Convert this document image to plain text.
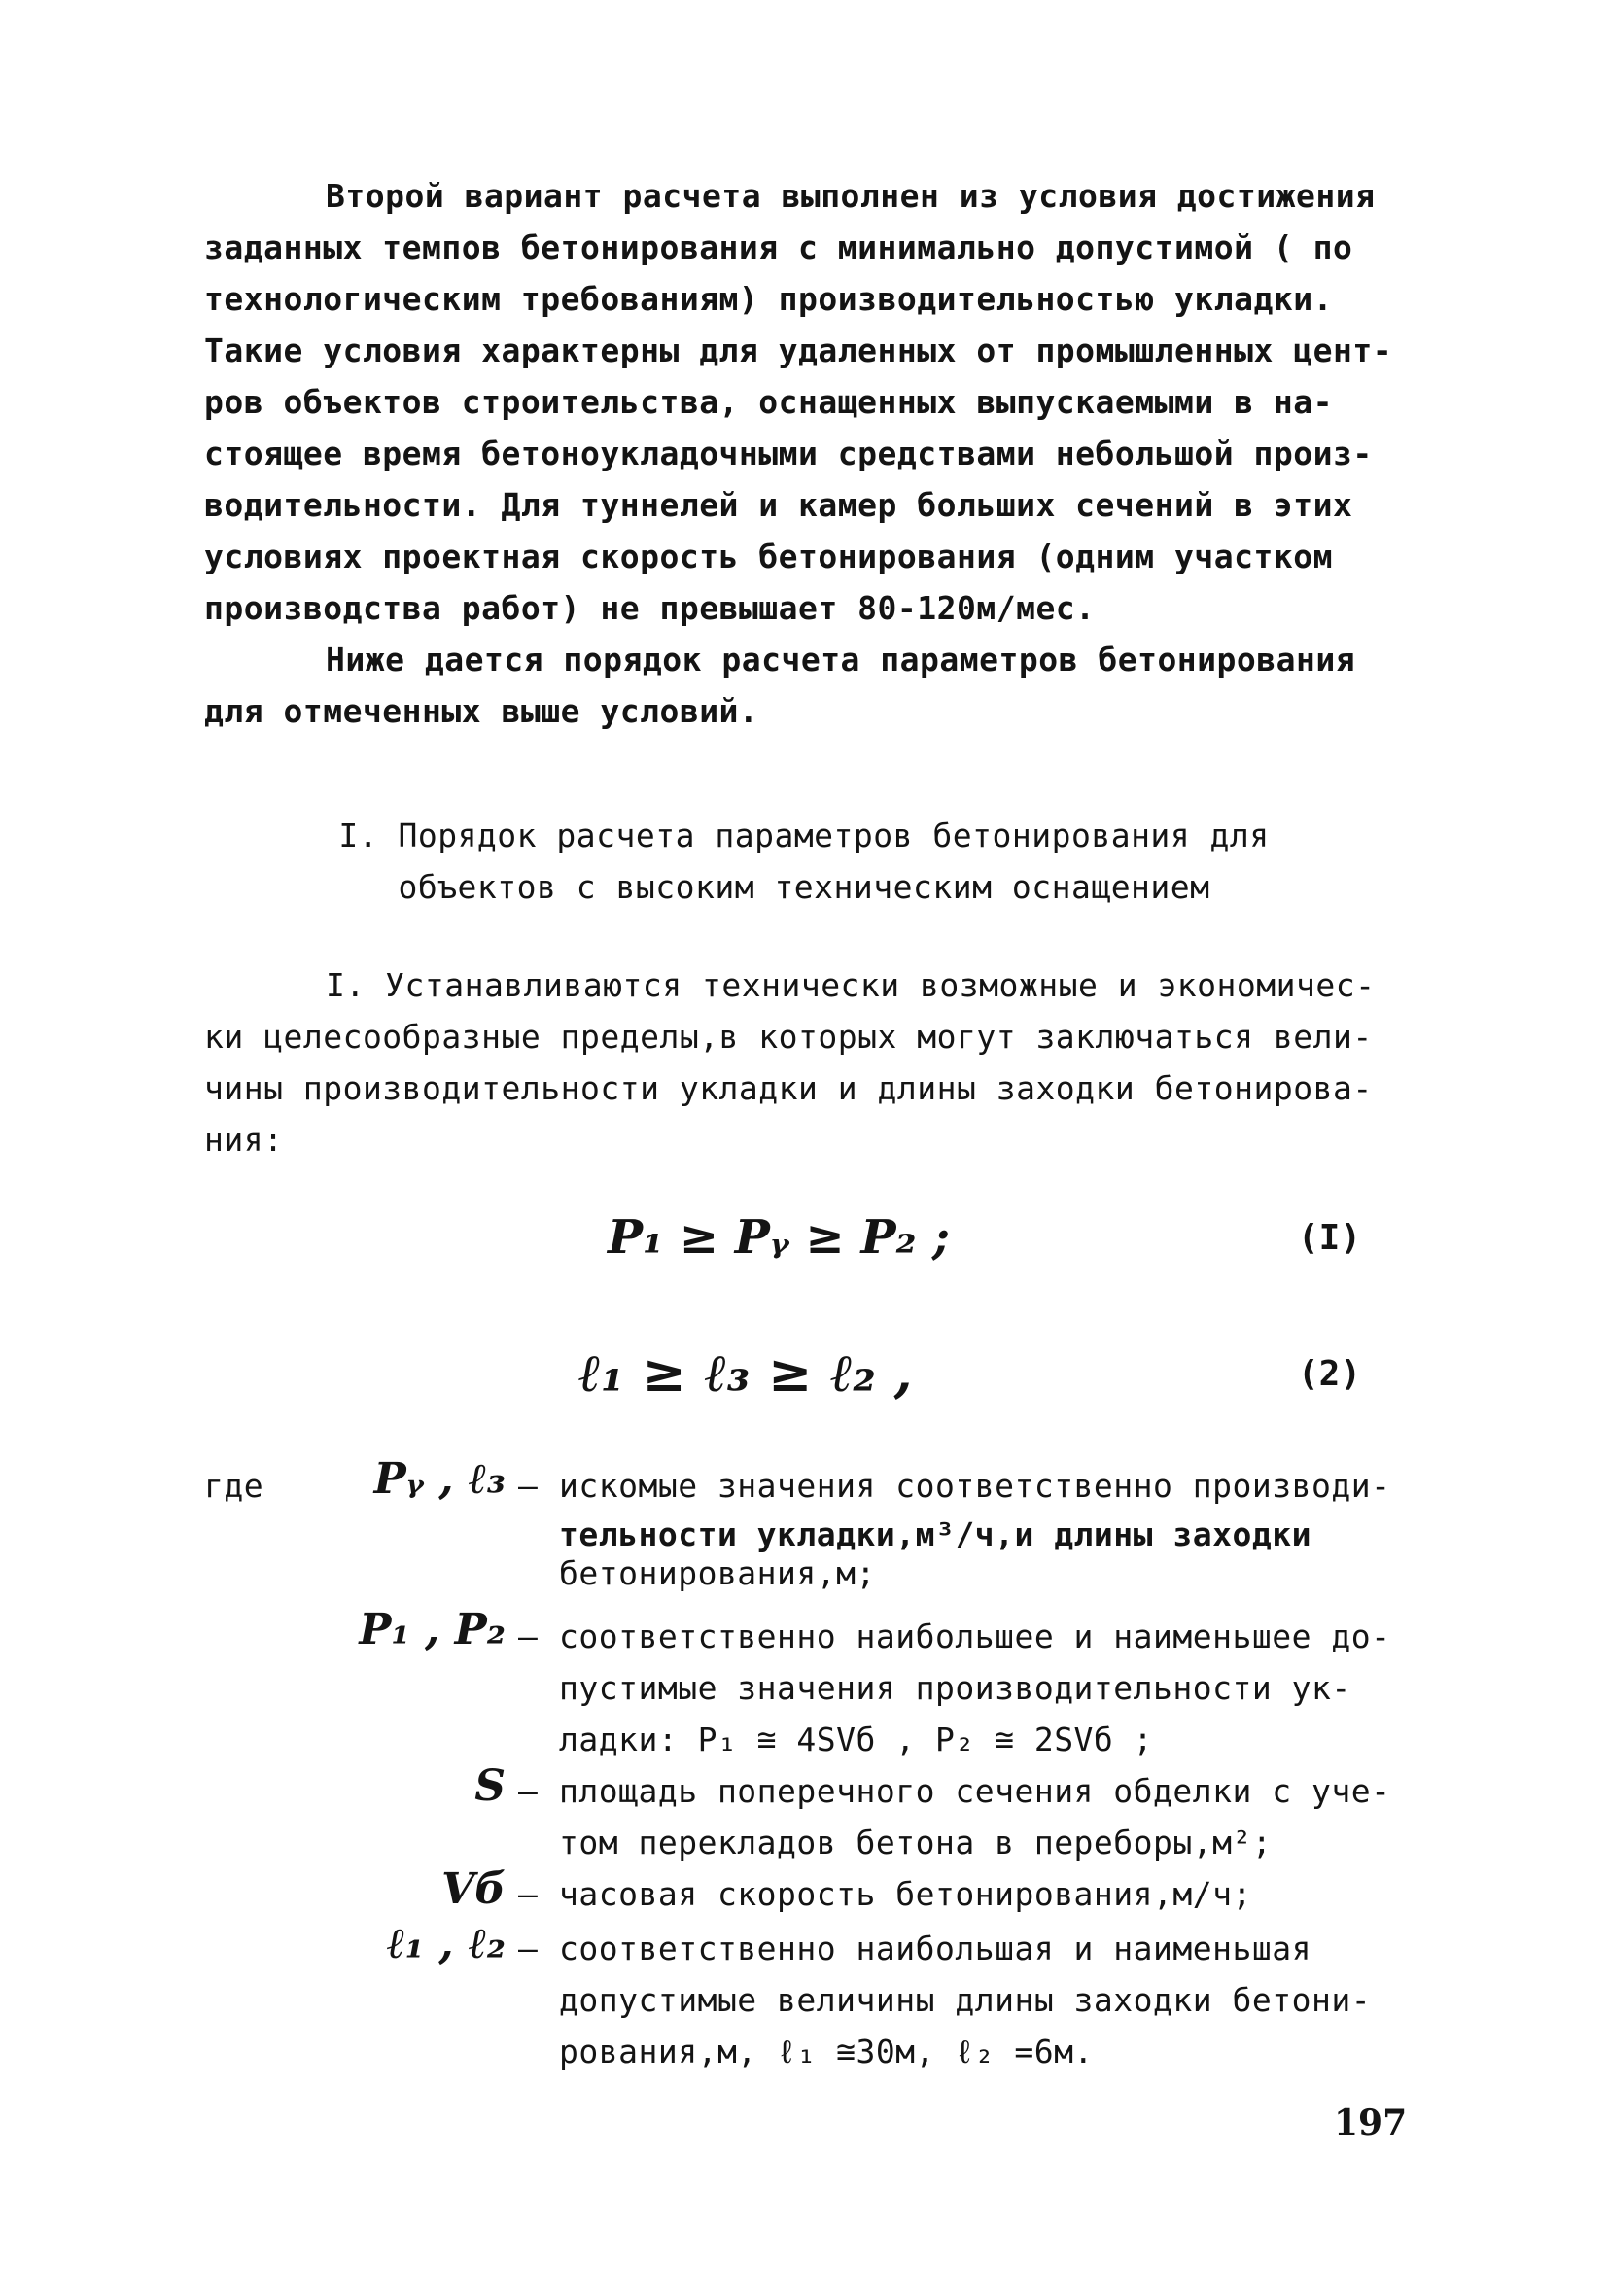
Второй вариант расчета выполнен из условия достижения
заданных темпов бетонирования с минимально допустимой ( по
технологическим требованиям) производительностью укладки.
Такие условия характерны для удаленных от промышленных цент-
ров объектов строительства, оснащенных выпускаемыми в на-
стоящее время бетоноукладочными средствами небольшой произ-
водительности. Для туннелей и камер больших сечений в этих
условиях проектная скорость бетонирования (одним участком
производства работ) не превышает 80-120м/мес.
Ниже дается порядок расчета параметров бетонирования
для отмеченных выше условий.
I. Порядок расчета параметров бетонирования для
объектов с высоким техническим оснащением
I. Устанавливаются технически возможные и экономичес-
ки целесообразные пределы,в которых могут заключаться вели-
чины производительности укладки и длины заходки бетонирова-
ния:
P₁ ≥ Pᵧ ≥ P₂ ;	(I)
ℓ₁ ≥ ℓ₃ ≥ ℓ₂ ,	(2)
где	Pᵧ , ℓ₃ – искомые значения соответственно производи-
тельности укладки,м³/ч,и длины заходки
бетонирования,м;
P₁ , P₂ – соответственно наибольшее и наименьшее до-
пустимые значения производительности ук-
ладки: P₁ ≅ 4SVб , P₂ ≅ 2SVб ;
S – площадь поперечного сечения обделки с учe-
том перекладов бетона в переборы,м²;
Vб – часовая скорость бетонирования,м/ч;
ℓ₁ , ℓ₂ – соответственно наибольшая и наименьшая
допустимые величины длины заходки бетони-
рования,м, ℓ₁ ≅30м, ℓ₂ =6м.
197
